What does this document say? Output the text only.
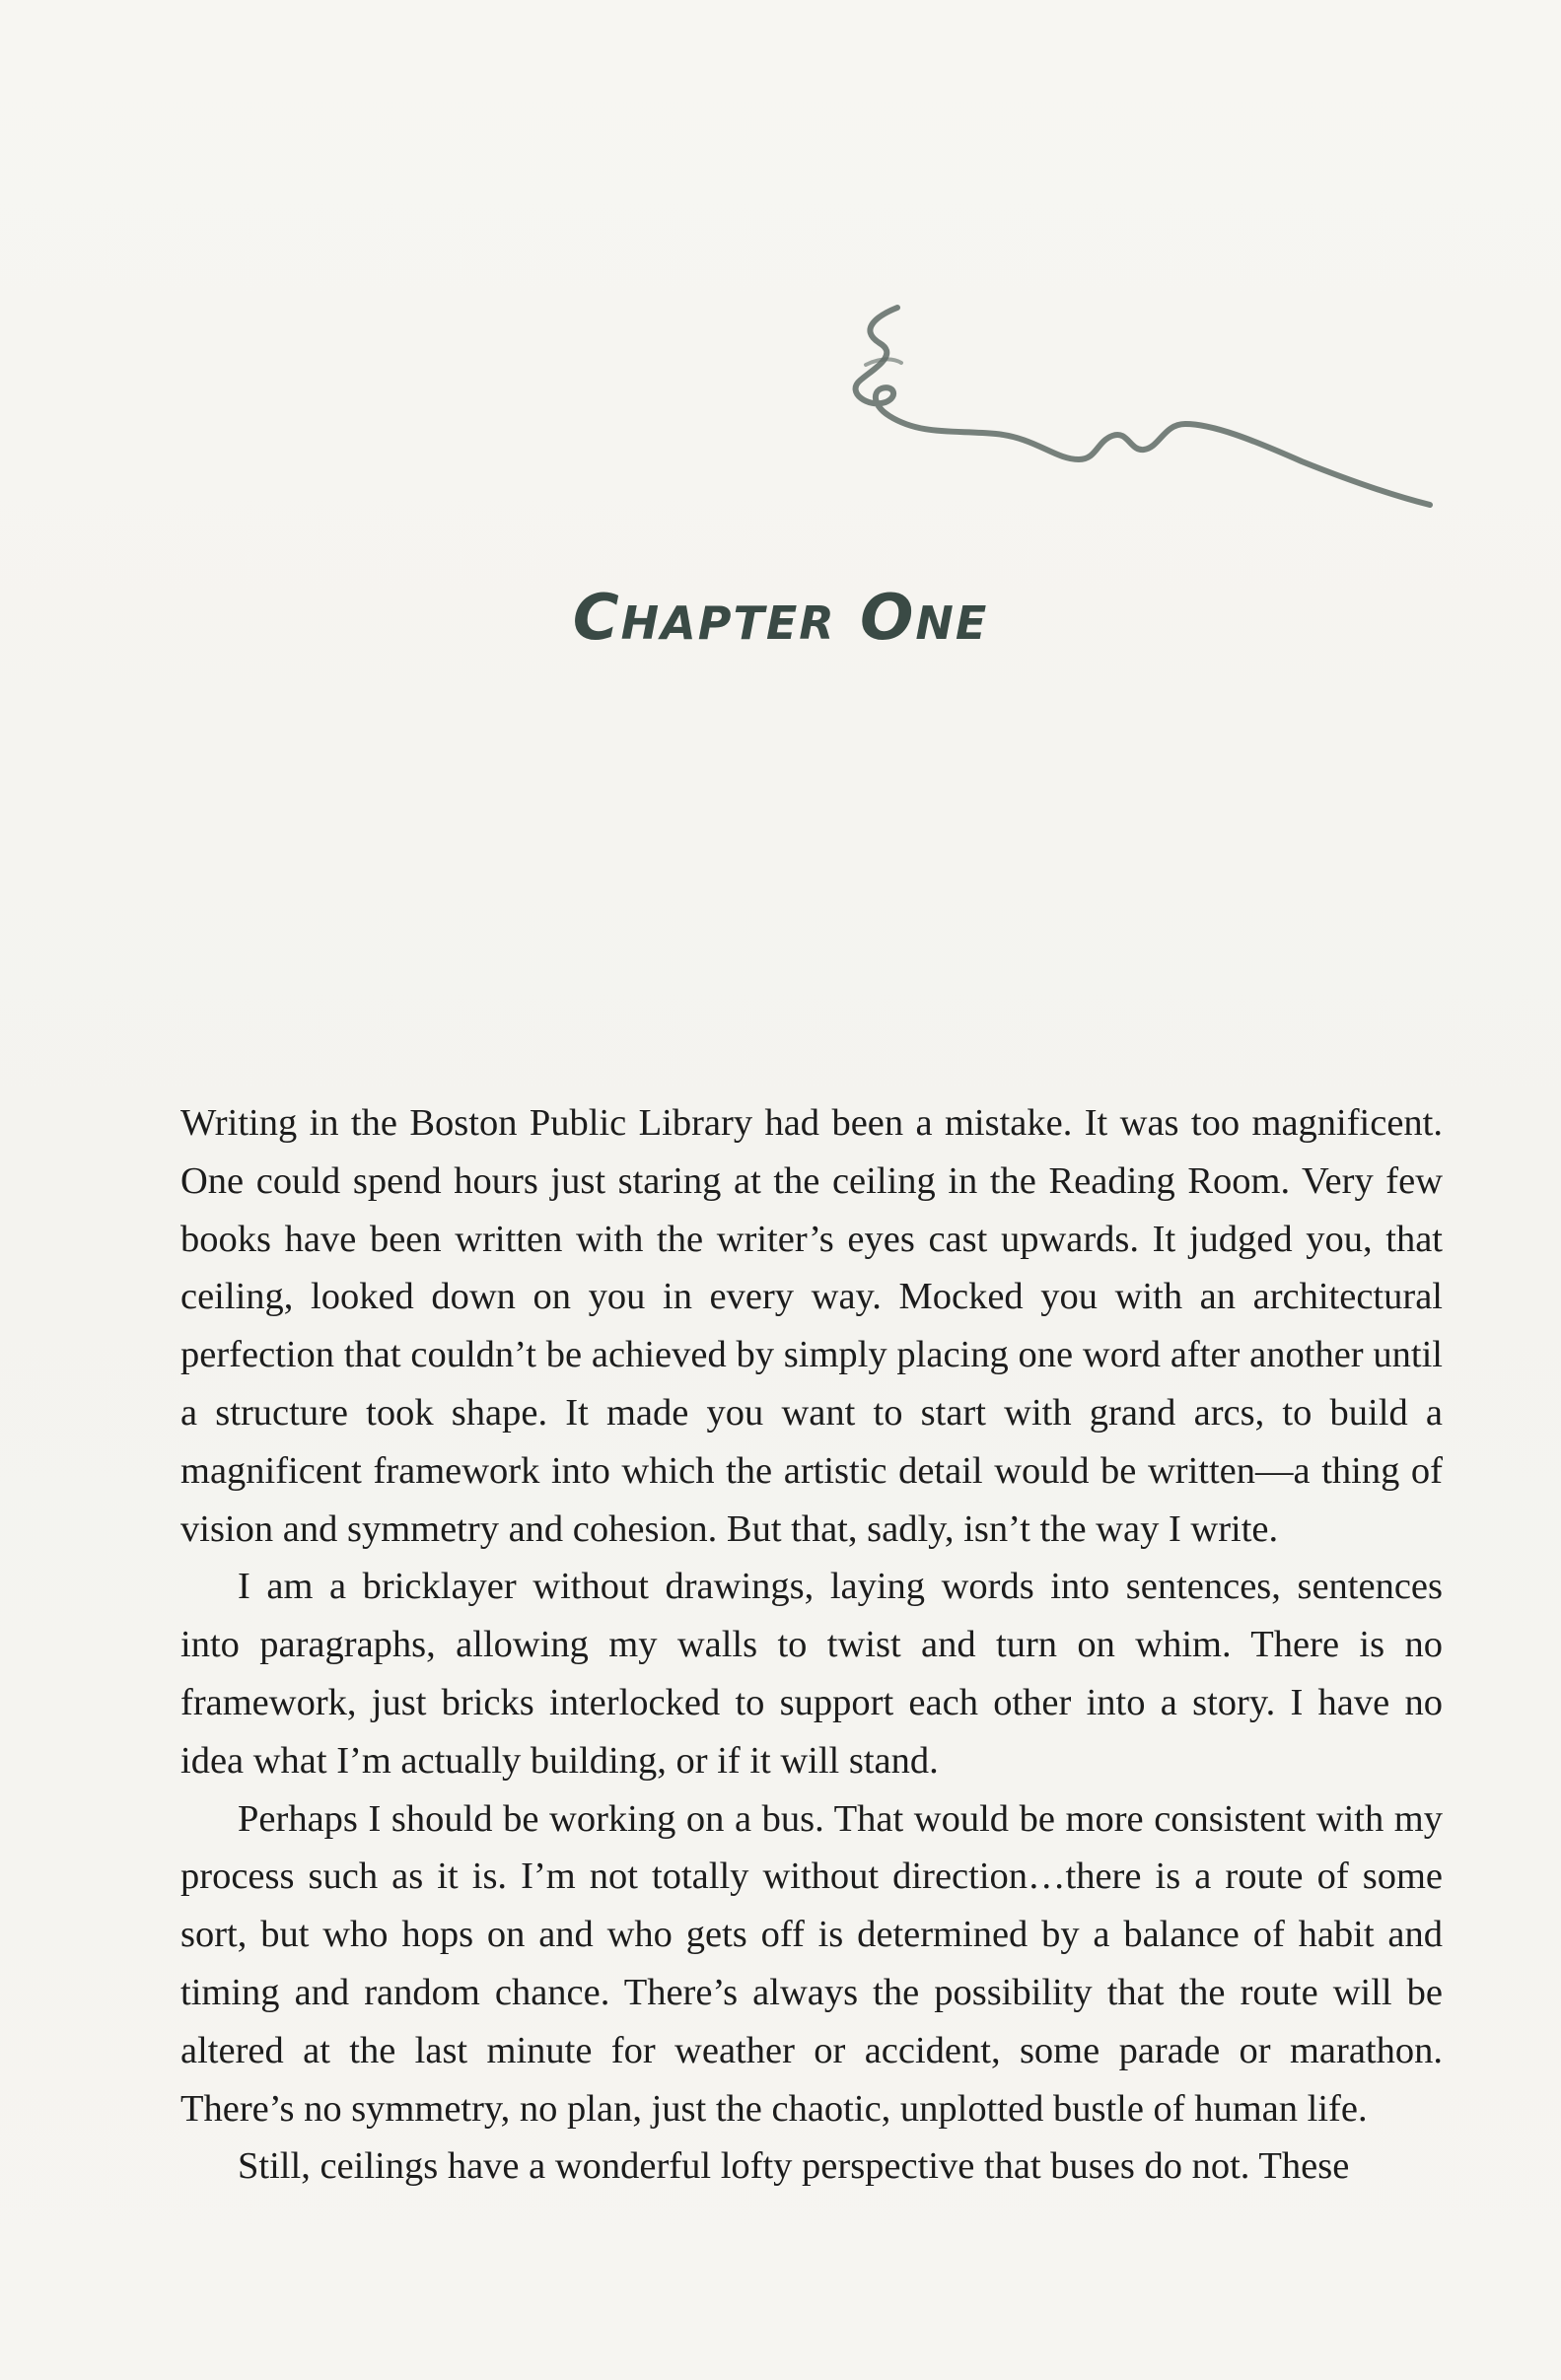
CHAPTER ONE

Writing in the Boston Public Library had been a mistake. It was too magnificent. One could spend hours just staring at the ceiling in the Reading Room. Very few books have been written with the writer’s eyes cast upwards. It judged you, that ceiling, looked down on you in every way. Mocked you with an architectural perfection that couldn’t be achieved by simply placing one word after another until a structure took shape. It made you want to start with grand arcs, to build a magnificent framework into which the artistic detail would be written—a thing of vision and symmetry and cohesion. But that, sadly, isn’t the way I write.

I am a bricklayer without drawings, laying words into sentences, sentences into paragraphs, allowing my walls to twist and turn on whim. There is no framework, just bricks interlocked to support each other into a story. I have no idea what I’m actually building, or if it will stand.

Perhaps I should be working on a bus. That would be more consistent with my process such as it is. I’m not totally without direction…there is a route of some sort, but who hops on and who gets off is determined by a balance of habit and timing and random chance. There’s always the possibility that the route will be altered at the last minute for weather or accident, some parade or marathon. There’s no symmetry, no plan, just the chaotic, unplotted bustle of human life.

Still, ceilings have a wonderful lofty perspective that buses do not. These
